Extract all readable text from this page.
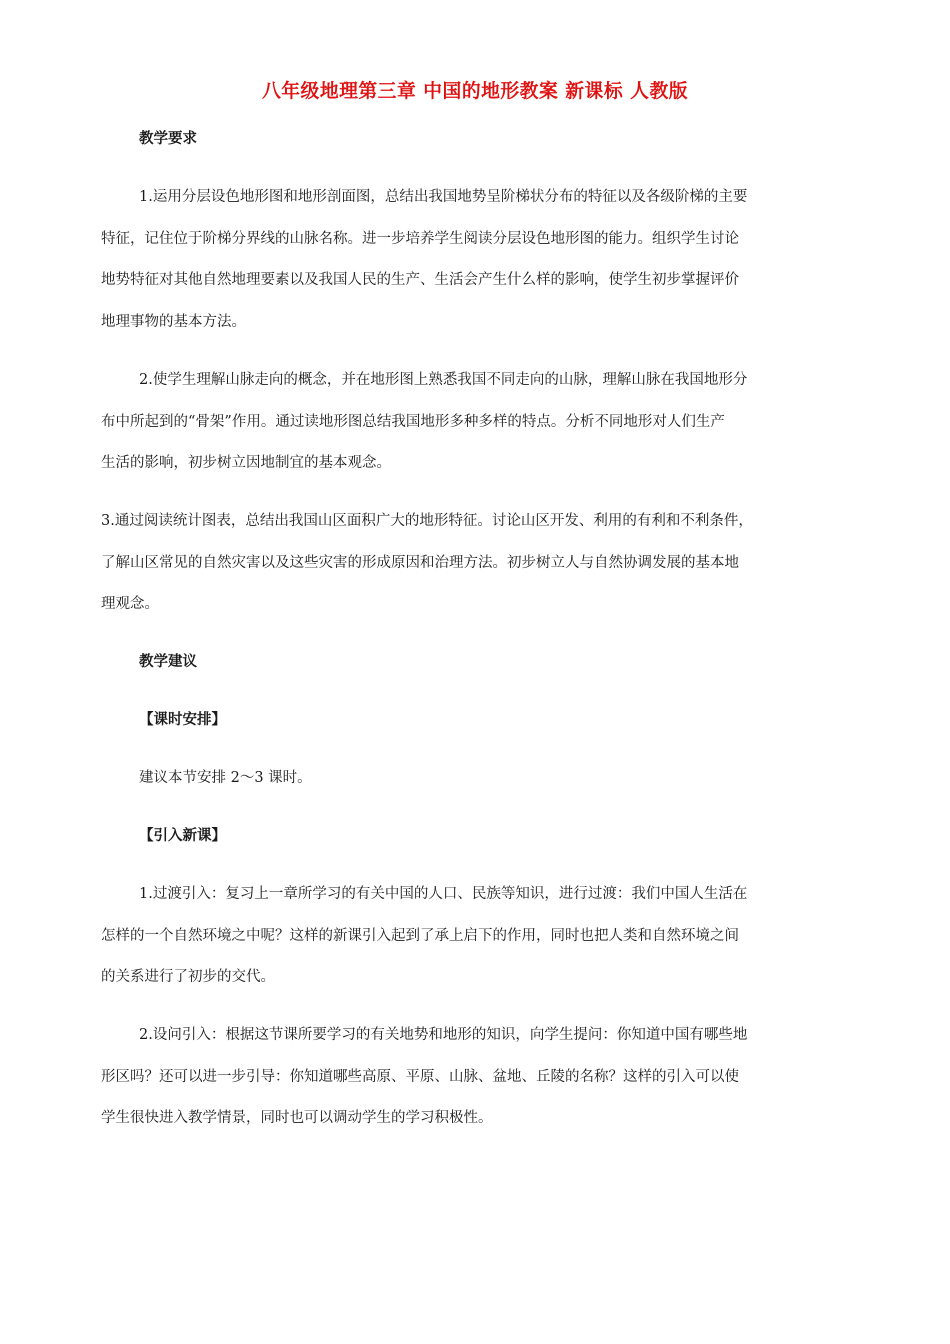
八年级地理第三章 中国的地形教案 新课标 人教版
教学要求
1.运用分层设色地形图和地形剖面图，总结出我国地势呈阶梯状分布的特征以及各级阶梯的主要
特征，记住位于阶梯分界线的山脉名称。进一步培养学生阅读分层设色地形图的能力。组织学生讨论
地势特征对其他自然地理要素以及我国人民的生产、生活会产生什么样的影响，使学生初步掌握评价
地理事物的基本方法。
2.使学生理解山脉走向的概念，并在地形图上熟悉我国不同走向的山脉，理解山脉在我国地形分
布中所起到的“骨架”作用。通过读地形图总结我国地形多种多样的特点。分析不同地形对人们生产
生活的影响，初步树立因地制宜的基本观念。
3.通过阅读统计图表，总结出我国山区面积广大的地形特征。讨论山区开发、利用的有利和不利条件，
了解山区常见的自然灾害以及这些灾害的形成原因和治理方法。初步树立人与自然协调发展的基本地
理观念。
教学建议
【课时安排】
建议本节安排 2～3 课时。
【引入新课】
1.过渡引入：复习上一章所学习的有关中国的人口、民族等知识，进行过渡：我们中国人生活在
怎样的一个自然环境之中呢？这样的新课引入起到了承上启下的作用，同时也把人类和自然环境之间
的关系进行了初步的交代。
2.设问引入：根据这节课所要学习的有关地势和地形的知识，向学生提问：你知道中国有哪些地
形区吗？还可以进一步引导：你知道哪些高原、平原、山脉、盆地、丘陵的名称？这样的引入可以使
学生很快进入教学情景，同时也可以调动学生的学习积极性。
